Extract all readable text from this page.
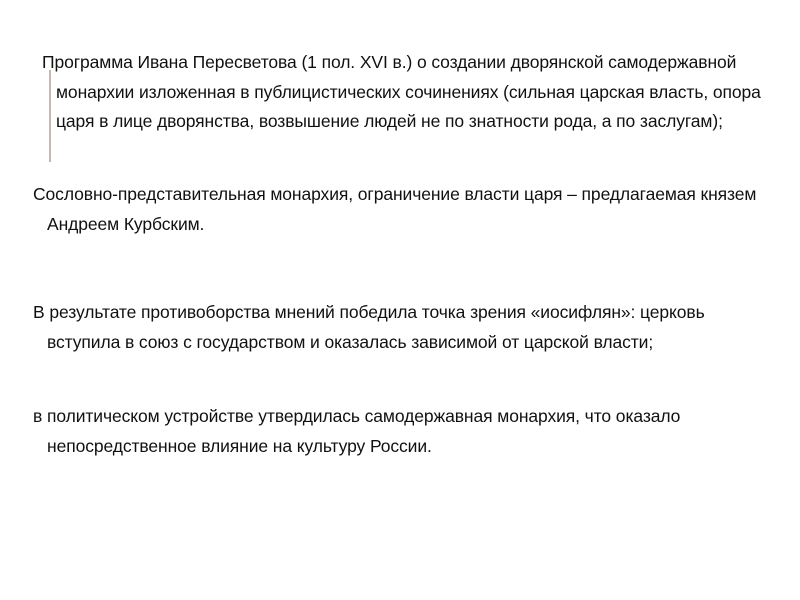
Программа Ивана Пересветова (1 пол. XVI в.) о создании дворянской самодержавной монархии изложенная в публицистических сочинениях (сильная царская власть, опора царя в лице дворянства, возвышение людей не по знатности рода, а по заслугам);

Сословно-представительная монархия, ограничение власти царя – предлагаемая князем Андреем Курбским.

В результате противоборства мнений победила точка зрения «иосифлян»: церковь вступила в союз с государством и оказалась зависимой от царской власти;

в политическом устройстве утвердилась самодержавная монархия, что оказало непосредственное влияние на культуру России.
